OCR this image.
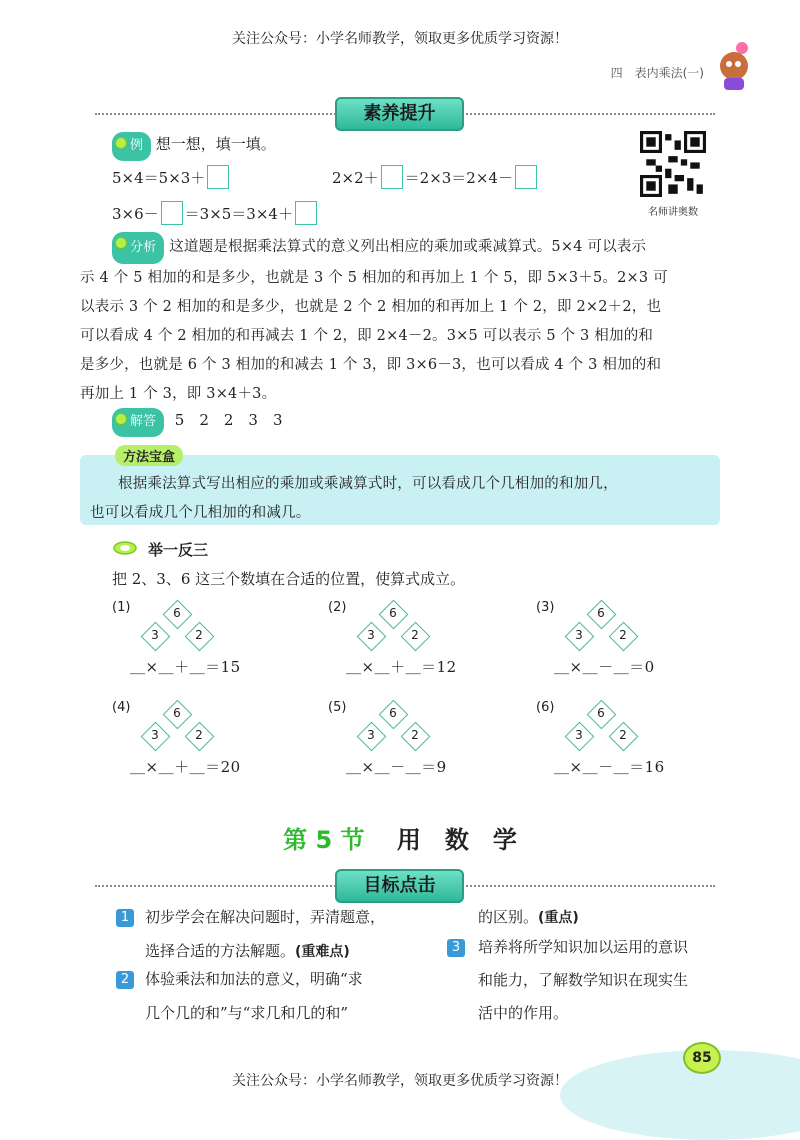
关注公众号：小学名师教学，领取更多优质学习资源！
四　表内乘法(一)
素养提升
例 想一想，填一填。
5×4＝5×3＋	2×2＋ ＝2×3＝2×4－
3×6－ ＝3×5＝3×4＋	名师讲奥数
分析 这道题是根据乘法算式的意义列出相应的乘加或乘减算式。5×4 可以表示
示 4 个 5 相加的和是多少，也就是 3 个 5 相加的和再加上 1 个 5，即 5×3＋5。2×3 可
以表示 3 个 2 相加的和是多少，也就是 2 个 2 相加的和再加上 1 个 2，即 2×2＋2，也
可以看成 4 个 2 相加的和再减去 1 个 2，即 2×4－2。3×5 可以表示 5 个 3 相加的和
是多少，也就是 6 个 3 相加的和减去 1 个 3，即 3×6－3，也可以看成 4 个 3 相加的和
再加上 1 个 3，即 3×4＋3。
解答 5　2　2　3　3
方法宝盒
根据乘法算式写出相应的乘加或乘减算式时，可以看成几个几相加的和加几，
也可以看成几个几相加的和减几。
举一反三
把 2、3、6 这三个数填在合适的位置，使算式成立。
(1)	6
3	2
＿×＿＋＿＝15
(2)	6
3	2
＿×＿＋＿＝12
(3)	6
3	2
＿×＿－＿＝0
(4)	6
3	2
＿×＿＋＿＝20
(5)	6
3	2
＿×＿－＿＝9
(6)	6
3	2
＿×＿－＿＝16
第 5 节 用　数　学
目标点击
1	初步学会在解决问题时，弄清题意，
选择合适的方法解题。(重难点)
2	体验乘法和加法的意义，明确“求
几个几的和”与“求几和几的和”
的区别。(重点)
3	培养将所学知识加以运用的意识
和能力，了解数学知识在现实生
活中的作用。
85
关注公众号：小学名师教学，领取更多优质学习资源！
